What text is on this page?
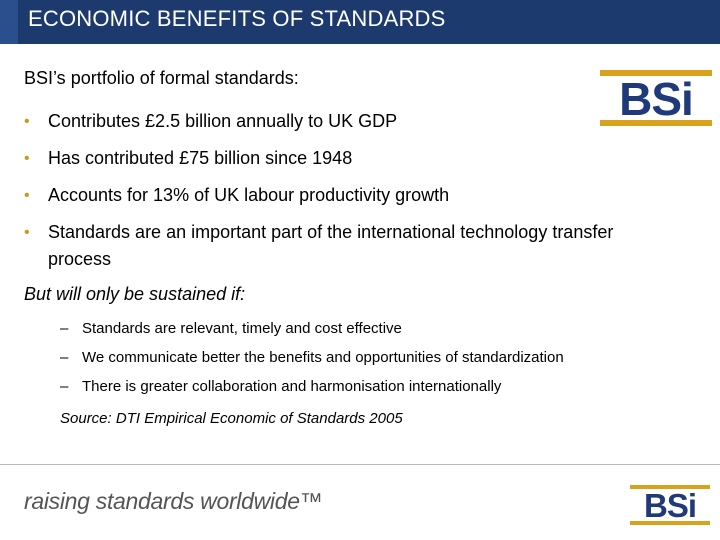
ECONOMIC BENEFITS OF STANDARDS
BSi
BSI’s portfolio of formal standards:
• Contributes £2.5 billion annually to UK GDP
• Has contributed £75 billion since 1948
• Accounts for 13% of UK labour productivity growth
• Standards are an important part of the international technology transfer process
But will only be sustained if:
– Standards are relevant, timely and cost effective
– We communicate better the benefits and opportunities of standardization
– There is greater collaboration and harmonisation internationally
Source: DTI Empirical Economic of Standards 2005
raising standards worldwide™	BSi
